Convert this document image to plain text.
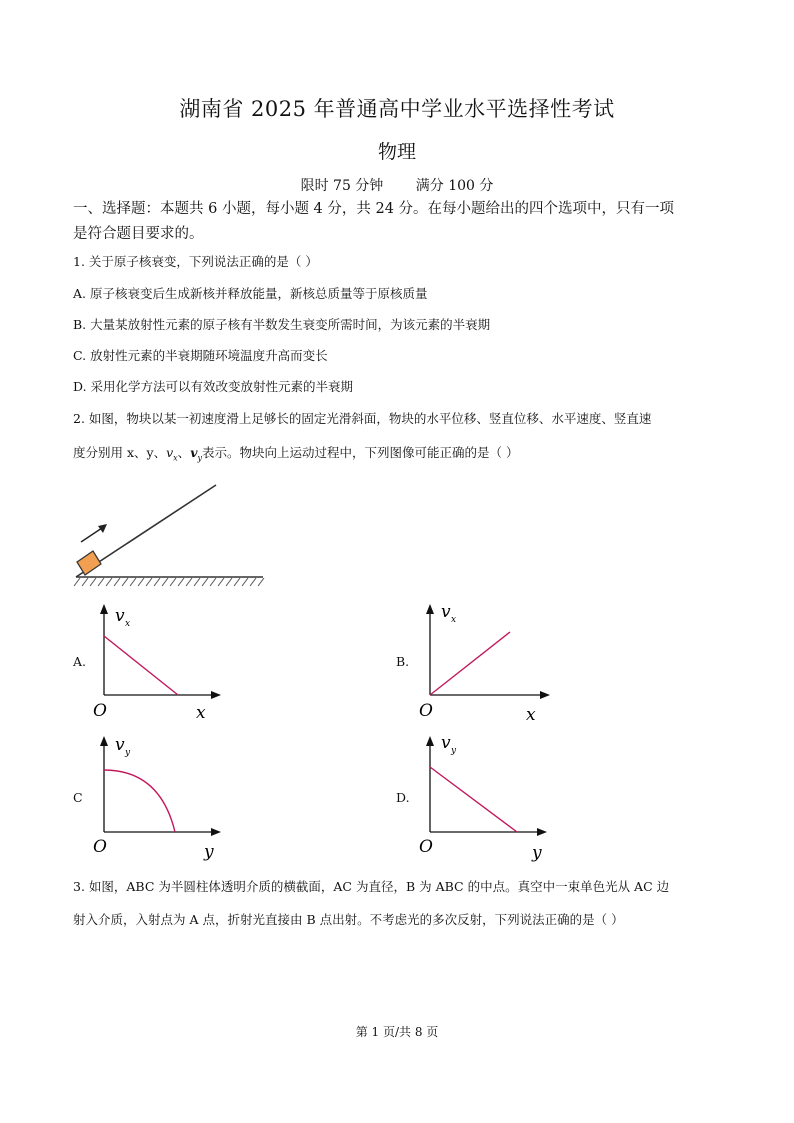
湖南省 2025 年普通高中学业水平选择性考试
物理
限时 75 分钟 满分 100 分
一、选择题：本题共 6 小题，每小题 4 分，共 24 分。在每小题给出的四个选项中，只有一项
是符合题目要求的。
1. 关于原子核衰变，下列说法正确的是（ ）
A. 原子核衰变后生成新核并释放能量，新核总质量等于原核质量
B. 大量某放射性元素的原子核有半数发生衰变所需时间，为该元素的半衰期
C. 放射性元素的半衰期随环境温度升高而变长
D. 采用化学方法可以有效改变放射性元素的半衰期
2. 如图，物块以某一初速度滑上足够长的固定光滑斜面，物块的水平位移、竖直位移、水平速度、竖直速
度分别用 x、y、$v_x$、$v_y$表示。物块向上运动过程中，下列图像可能正确的是（ ）
A.
v x
O	x
B.
v x
O	x
C
v y
O	y
D.
v y
O	y
3. 如图，ABC 为半圆柱体透明介质的横截面，AC 为直径，B 为 ABC 的中点。真空中一束单色光从 AC 边
射入介质，入射点为 A 点，折射光直接由 B 点出射。不考虑光的多次反射，下列说法正确的是（ ）
第 1 页/共 8 页
